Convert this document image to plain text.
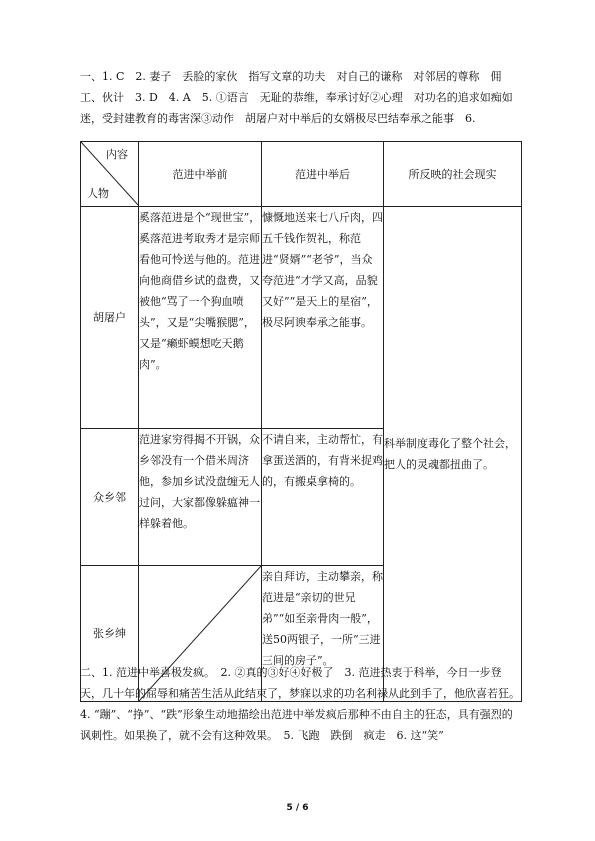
一、1. C　2. 妻子　丢脸的家伙　指写文章的功夫　对自己的谦称　对邻居的尊称　佣工、伙计　3. D　4. A　5. ①语言　无耻的恭维，奉承讨好②心理　对功名的追求如痴如迷，受封建教育的毒害深③动作　胡屠户对中举后的女婿极尽巴结奉承之能事　6.
内容
人物	范进中举前	范进中举后	所反映的社会现实
胡屠户	奚落范进是个“现世宝”，奚落范进考取秀才是宗师看他可怜送与他的。范进向他商借乡试的盘费，又被他“骂了一个狗血喷头”，又是“尖嘴猴腮”，又是“癞虾蟆想吃天鹅肉”。	慷慨地送来七八斤肉，四五千钱作贺礼，称范进“贤婿”“老爷”，当众夸范进“才学又高，品貌又好”“是天上的星宿”，极尽阿谀奉承之能事。	科举制度毒化了整个社会，把人的灵魂都扭曲了。
众乡邻	范进家穷得揭不开锅，众乡邻没有一个借米周济他，参加乡试没盘缠无人过问，大家都像躲瘟神一样躲着他。	不请自来，主动帮忙，有拿蛋送酒的，有背米捉鸡的，有搬桌拿椅的。	
张乡绅		亲自拜访，主动攀亲，称范进是“亲切的世兄弟”“如至亲骨肉一般”，送50两银子，一所“三进三间的房子”。	
二、1. 范进中举喜极发疯。　2. ②真的③好④好极了　3. 范进热衷于科举，今日一步登天，几十年的屈辱和痛苦生活从此结束了，梦寐以求的功名利禄从此到手了，他欣喜若狂。　4. “蹦”、“挣”、“跌”形象生动地描绘出范进中举发疯后那种不由自主的狂态，具有强烈的讽刺性。如果换了，就不会有这种效果。　5. 飞跑　跌倒　疯走　6. 这“笑”
5 / 6
